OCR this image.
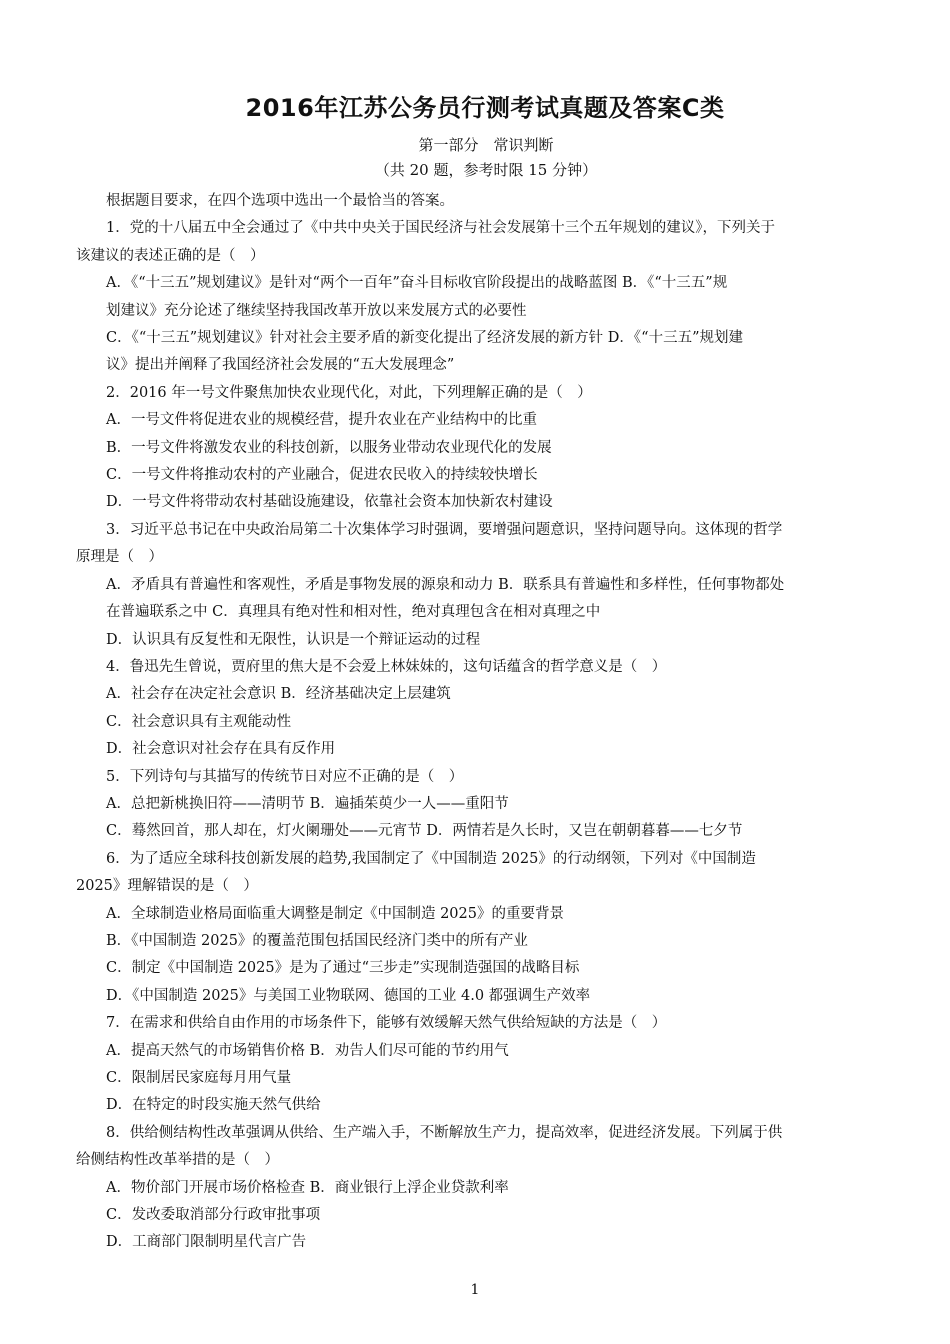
2016年江苏公务员行测考试真题及答案C类
第一部分　常识判断
（共 20 题，参考时限 15 分钟）
根据题目要求，在四个选项中选出一个最恰当的答案。
1．党的十八届五中全会通过了《中共中央关于国民经济与社会发展第十三个五年规划的建议》，下列关于
该建议的表述正确的是（　）
A．《“十三五”规划建议》是针对“两个一百年”奋斗目标收官阶段提出的战略蓝图 B．《“十三五”规
划建议》充分论述了继续坚持我国改革开放以来发展方式的必要性
C．《“十三五”规划建议》针对社会主要矛盾的新变化提出了经济发展的新方针 D．《“十三五”规划建
议》提出并阐释了我国经济社会发展的“五大发展理念”
2．2016 年一号文件聚焦加快农业现代化，对此，下列理解正确的是（　）
A．一号文件将促进农业的规模经营，提升农业在产业结构中的比重
B．一号文件将激发农业的科技创新，以服务业带动农业现代化的发展
C．一号文件将推动农村的产业融合，促进农民收入的持续较快增长
D．一号文件将带动农村基础设施建设，依靠社会资本加快新农村建设
3．习近平总书记在中央政治局第二十次集体学习时强调，要增强问题意识，坚持问题导向。这体现的哲学
原理是（　）
A．矛盾具有普遍性和客观性，矛盾是事物发展的源泉和动力 B．联系具有普遍性和多样性，任何事物都处
在普遍联系之中 C．真理具有绝对性和相对性，绝对真理包含在相对真理之中
D．认识具有反复性和无限性，认识是一个辩证运动的过程
4．鲁迅先生曾说，贾府里的焦大是不会爱上林妹妹的，这句话蕴含的哲学意义是（　）
A．社会存在决定社会意识 B．经济基础决定上层建筑
C．社会意识具有主观能动性
D．社会意识对社会存在具有反作用
5．下列诗句与其描写的传统节日对应不正确的是（　）
A．总把新桃换旧符——清明节 B．遍插茱萸少一人——重阳节
C．蓦然回首，那人却在，灯火阑珊处——元宵节 D．两情若是久长时，又岂在朝朝暮暮——七夕节
6．为了适应全球科技创新发展的趋势,我国制定了《中国制造 2025》的行动纲领，下列对《中国制造
2025》理解错误的是（　）
A．全球制造业格局面临重大调整是制定《中国制造 2025》的重要背景
B．《中国制造 2025》的覆盖范围包括国民经济门类中的所有产业
C．制定《中国制造 2025》是为了通过“三步走”实现制造强国的战略目标
D．《中国制造 2025》与美国工业物联网、德国的工业 4.0 都强调生产效率
7．在需求和供给自由作用的市场条件下，能够有效缓解天然气供给短缺的方法是（　）
A．提高天然气的市场销售价格 B．劝告人们尽可能的节约用气
C．限制居民家庭每月用气量
D．在特定的时段实施天然气供给
8．供给侧结构性改革强调从供给、生产端入手，不断解放生产力，提高效率，促进经济发展。下列属于供
给侧结构性改革举措的是（　）
A．物价部门开展市场价格检查 B．商业银行上浮企业贷款利率
C．发改委取消部分行政审批事项
D．工商部门限制明星代言广告
1
